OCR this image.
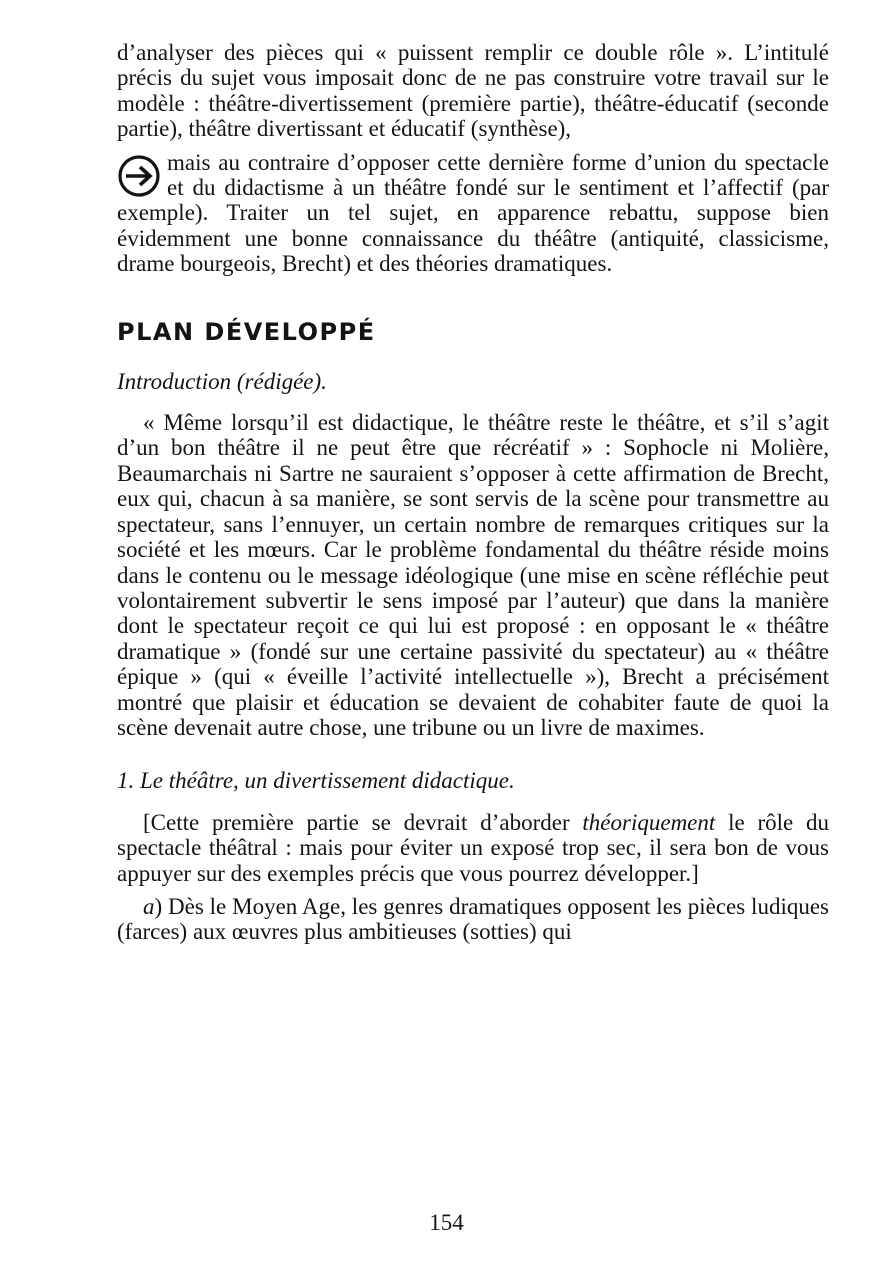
d’analyser des pièces qui « puissent remplir ce double rôle ». L’intitulé précis du sujet vous imposait donc de ne pas construire votre travail sur le modèle : théâtre-divertissement (première partie), théâtre-éducatif (seconde partie), théâtre divertissant et éducatif (synthèse),

mais au contraire d’opposer cette dernière forme d’union du spectacle et du didactisme à un théâtre fondé sur le sentiment et l’affectif (par exemple). Traiter un tel sujet, en apparence rebattu, suppose bien évidemment une bonne connaissance du théâtre (antiquité, classicisme, drame bourgeois, Brecht) et des théories dramatiques.

PLAN DÉVELOPPÉ

Introduction (rédigée).

« Même lorsqu’il est didactique, le théâtre reste le théâtre, et s’il s’agit d’un bon théâtre il ne peut être que récréatif » : Sophocle ni Molière, Beaumarchais ni Sartre ne sauraient s’opposer à cette affirmation de Brecht, eux qui, chacun à sa manière, se sont servis de la scène pour transmettre au spectateur, sans l’ennuyer, un certain nombre de remarques critiques sur la société et les mœurs. Car le problème fondamental du théâtre réside moins dans le contenu ou le message idéologique (une mise en scène réfléchie peut volontairement subvertir le sens imposé par l’auteur) que dans la manière dont le spectateur reçoit ce qui lui est proposé : en opposant le « théâtre dramatique » (fondé sur une certaine passivité du spectateur) au « théâtre épique » (qui « éveille l’activité intellectuelle »), Brecht a précisément montré que plaisir et éducation se devaient de cohabiter faute de quoi la scène devenait autre chose, une tribune ou un livre de maximes.

1. Le théâtre, un divertissement didactique.

[Cette première partie se devrait d’aborder théoriquement le rôle du spectacle théâtral : mais pour éviter un exposé trop sec, il sera bon de vous appuyer sur des exemples précis que vous pourrez développer.]

a) Dès le Moyen Age, les genres dramatiques opposent les pièces ludiques (farces) aux œuvres plus ambitieuses (sotties) qui

154
